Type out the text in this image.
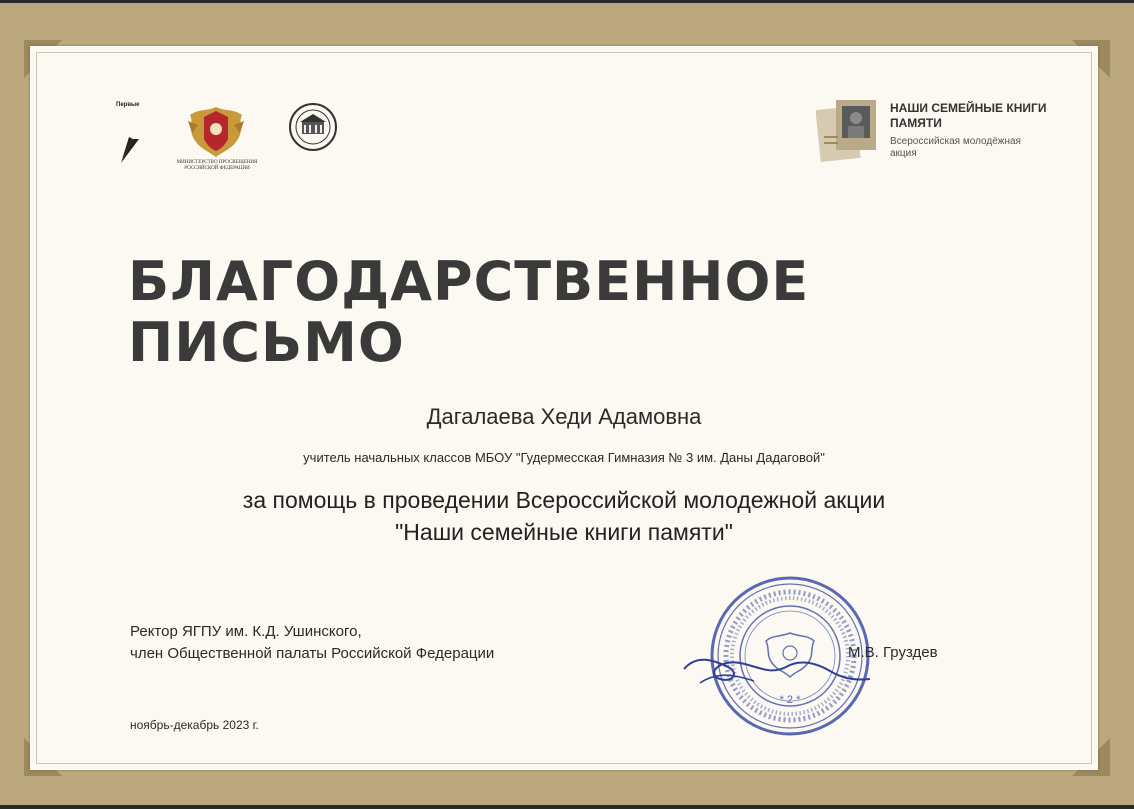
Первые
МИНИСТЕРСТВО ПРОСВЕЩЕНИЯ РОССИЙСКОЙ ФЕДЕРАЦИИ
НАШИ СЕМЕЙНЫЕ КНИГИ ПАМЯТИ
Всероссийская молодёжная акция
БЛАГОДАРСТВЕННОЕ ПИСЬМО
Дагалаева Хеди Адамовна
учитель начальных классов МБОУ "Гудермесская Гимназия № 3 им. Даны Дадаговой"
за помощь в проведении Всероссийской молодежной акции
"Наши семейные книги памяти"
* 2 *
Ректор ЯГПУ им. К.Д. Ушинского,
член Общественной палаты Российской Федерации	М.В. Груздев
ноябрь-декабрь 2023 г.
